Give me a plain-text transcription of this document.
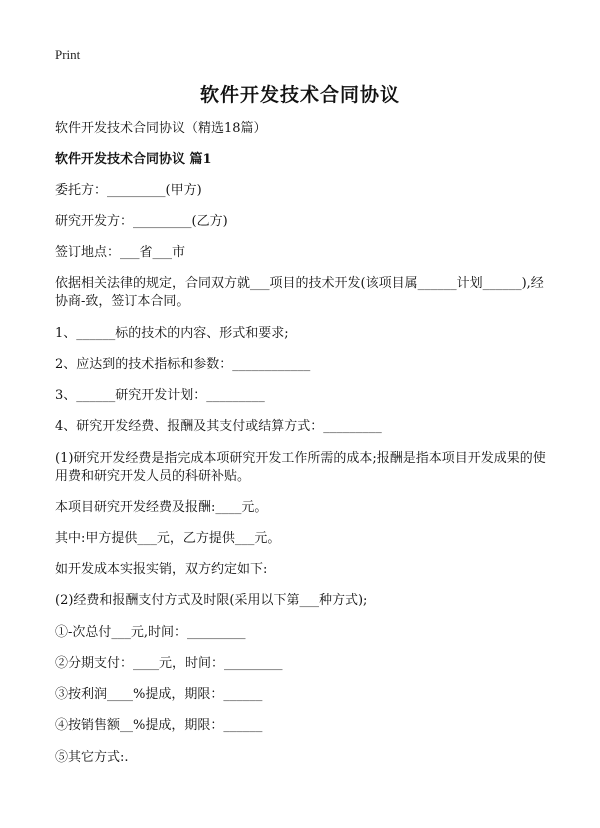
Print
软件开发技术合同协议

软件开发技术合同协议（精选18篇）

软件开发技术合同协议 篇1

委托方：_________(甲方)

研究开发方：_________(乙方)

签订地点：___省___市

依据相关法律的规定，合同双方就___项目的技术开发(该项目属______计划______),经协商-致，签订本合同。

1、______标的技术的内容、形式和要求;

2、应达到的技术指标和参数：____________

3、______研究开发计划：_________

4、研究开发经费、报酬及其支付或结算方式：_________

(1)研究开发经费是指完成本项研究开发工作所需的成本;报酬是指本项目开发成果的使用费和研究开发人员的科研补贴。

本项目研究开发经费及报酬:____元。

其中:甲方提供___元，乙方提供___元。

如开发成本实报实销，双方约定如下:

(2)经费和报酬支付方式及时限(采用以下第___种方式);

①-次总付___元,时间：_________

②分期支付：____元，时间：_________

③按利润____%提成，期限：______

④按销售额__%提成，期限：______

⑤其它方式:.
